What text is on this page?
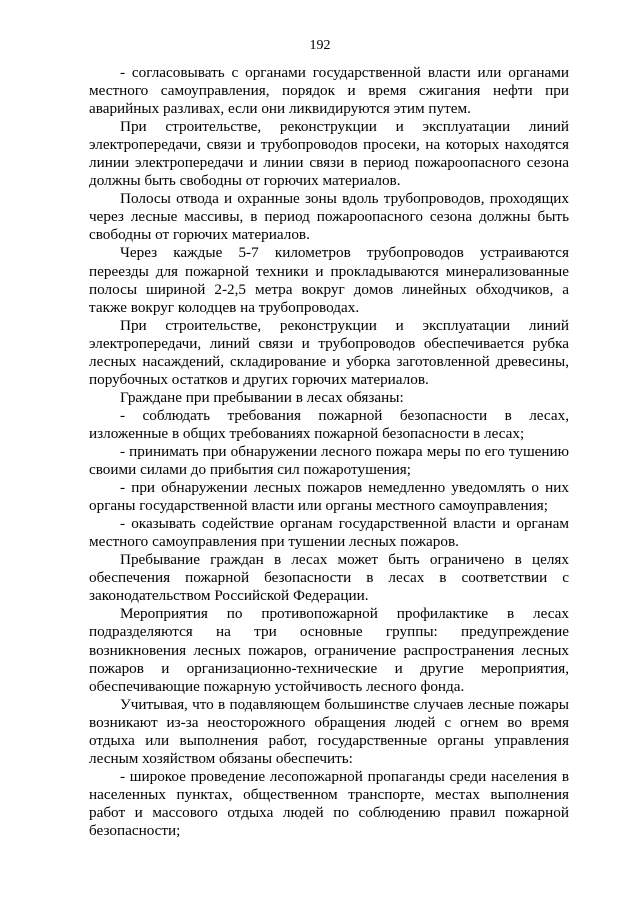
192

- согласовывать с органами государственной власти или органами местного самоуправления, порядок и время сжигания нефти при аварийных разливах, если они ликвидируются этим путем.

При строительстве, реконструкции и эксплуатации линий электропередачи, связи и трубопроводов просеки, на которых находятся линии электропередачи и линии связи в период пожароопасного сезона должны быть свободны от горючих материалов.

Полосы отвода и охранные зоны вдоль трубопроводов, проходящих через лесные массивы, в период пожароопасного сезона должны быть свободны от горючих материалов.

Через каждые 5-7 километров трубопроводов устраиваются переезды для пожарной техники и прокладываются минерализованные полосы шириной 2-2,5 метра вокруг домов линейных обходчиков, а также вокруг колодцев на трубопроводах.

При строительстве, реконструкции и эксплуатации линий электропередачи, линий связи и трубопроводов обеспечивается рубка лесных насаждений, складирование и уборка заготовленной древесины, порубочных остатков и других горючих материалов.

Граждане при пребывании в лесах обязаны:

- соблюдать требования пожарной безопасности в лесах, изложенные в общих требованиях пожарной безопасности в лесах;

- принимать при обнаружении лесного пожара меры по его тушению своими силами до прибытия сил пожаротушения;

- при обнаружении лесных пожаров немедленно уведомлять о них органы государственной власти или органы местного самоуправления;

- оказывать содействие органам государственной власти и органам местного самоуправления при тушении лесных пожаров.

Пребывание граждан в лесах может быть ограничено в целях обеспечения пожарной безопасности в лесах в соответствии с законодательством Российской Федерации.

Мероприятия по противопожарной профилактике в лесах подразделяются на три основные группы: предупреждение возникновения лесных пожаров, ограничение распространения лесных пожаров и организационно-технические и другие мероприятия, обеспечивающие пожарную устойчивость лесного фонда.

Учитывая, что в подавляющем большинстве случаев лесные пожары возникают из-за неосторожного обращения людей с огнем во время отдыха или выполнения работ, государственные органы управления лесным хозяйством обязаны обеспечить:

- широкое проведение лесопожарной пропаганды среди населения в населенных пунктах, общественном транспорте, местах выполнения работ и массового отдыха людей по соблюдению правил пожарной безопасности;
